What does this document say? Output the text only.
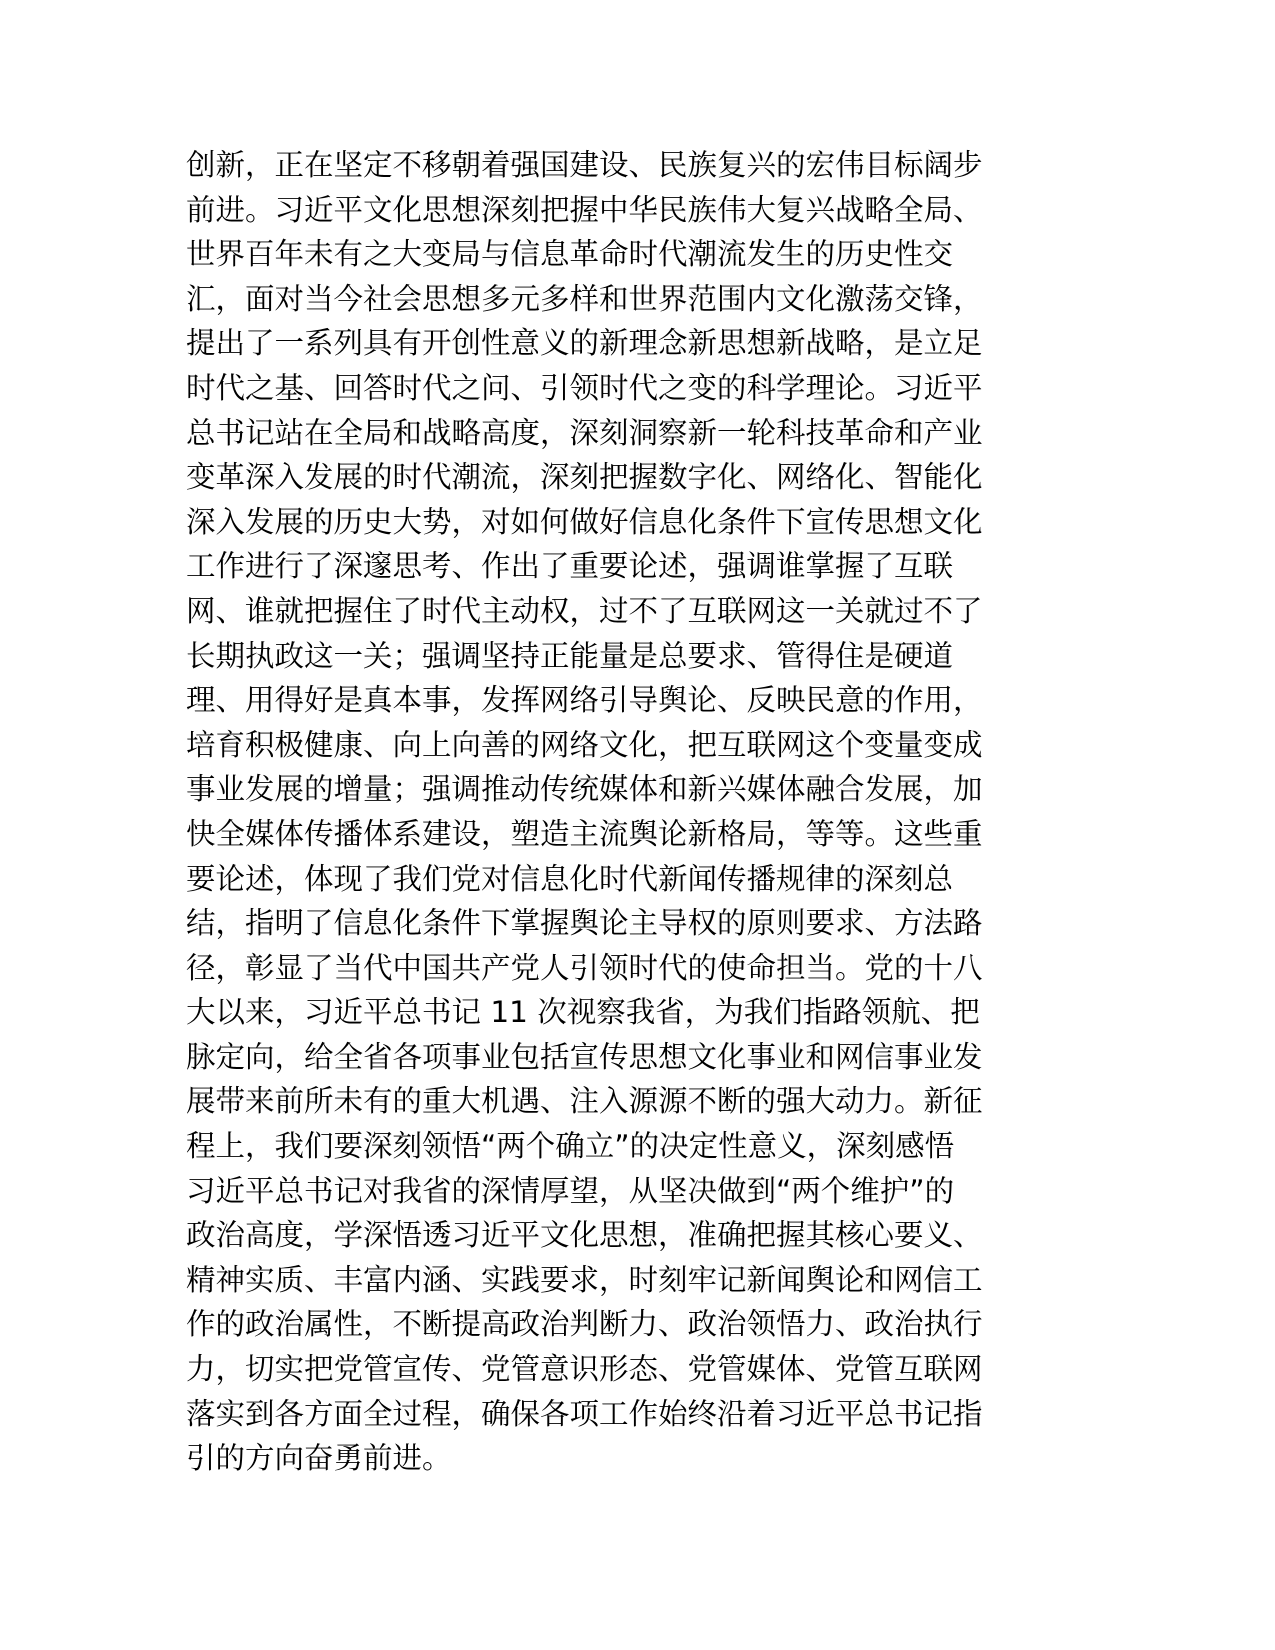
创新，正在坚定不移朝着强国建设、民族复兴的宏伟目标阔步
前进。习近平文化思想深刻把握中华民族伟大复兴战略全局、
世界百年未有之大变局与信息革命时代潮流发生的历史性交
汇，面对当今社会思想多元多样和世界范围内文化激荡交锋，
提出了一系列具有开创性意义的新理念新思想新战略，是立足
时代之基、回答时代之问、引领时代之变的科学理论。习近平
总书记站在全局和战略高度，深刻洞察新一轮科技革命和产业
变革深入发展的时代潮流，深刻把握数字化、网络化、智能化
深入发展的历史大势，对如何做好信息化条件下宣传思想文化
工作进行了深邃思考、作出了重要论述，强调谁掌握了互联
网、谁就把握住了时代主动权，过不了互联网这一关就过不了
长期执政这一关；强调坚持正能量是总要求、管得住是硬道
理、用得好是真本事，发挥网络引导舆论、反映民意的作用，
培育积极健康、向上向善的网络文化，把互联网这个变量变成
事业发展的增量；强调推动传统媒体和新兴媒体融合发展，加
快全媒体传播体系建设，塑造主流舆论新格局，等等。这些重
要论述，体现了我们党对信息化时代新闻传播规律的深刻总
结，指明了信息化条件下掌握舆论主导权的原则要求、方法路
径，彰显了当代中国共产党人引领时代的使命担当。党的十八
大以来，习近平总书记 11 次视察我省，为我们指路领航、把
脉定向，给全省各项事业包括宣传思想文化事业和网信事业发
展带来前所未有的重大机遇、注入源源不断的强大动力。新征
程上，我们要深刻领悟“两个确立”的决定性意义，深刻感悟
习近平总书记对我省的深情厚望，从坚决做到“两个维护”的
政治高度，学深悟透习近平文化思想，准确把握其核心要义、
精神实质、丰富内涵、实践要求，时刻牢记新闻舆论和网信工
作的政治属性，不断提高政治判断力、政治领悟力、政治执行
力，切实把党管宣传、党管意识形态、党管媒体、党管互联网
落实到各方面全过程，确保各项工作始终沿着习近平总书记指
引的方向奋勇前进。
